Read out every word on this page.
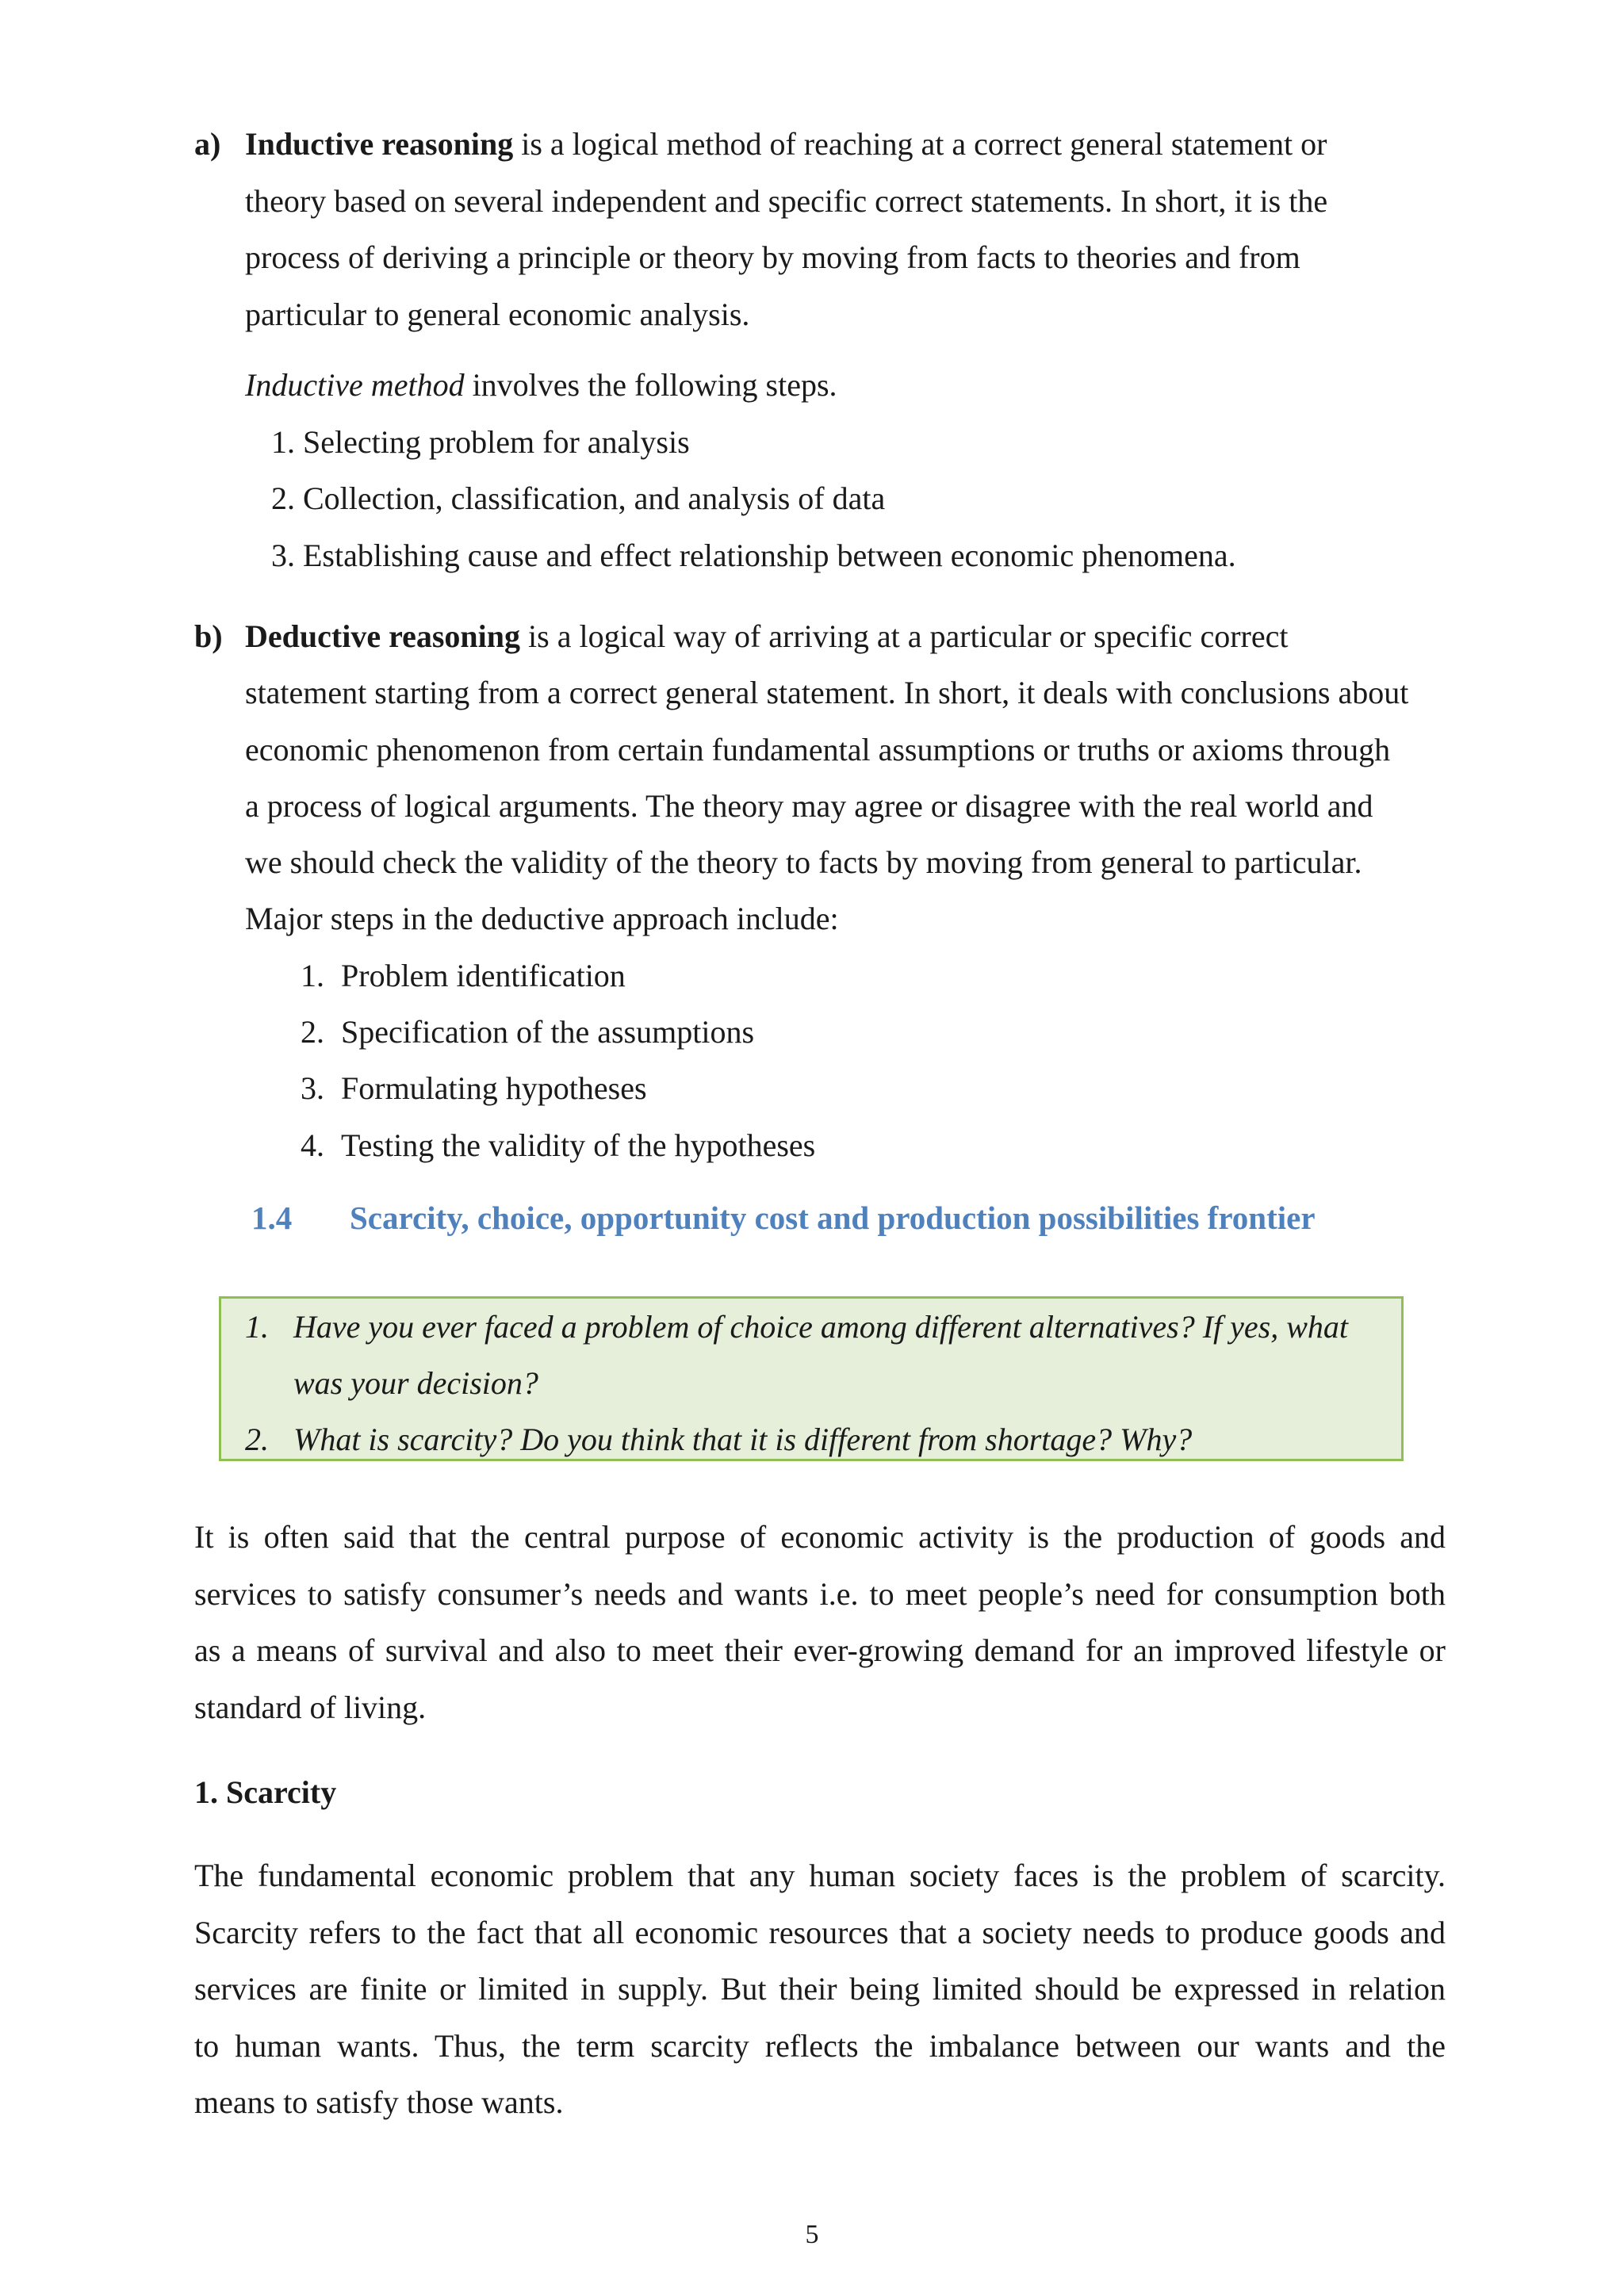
a) Inductive reasoning is a logical method of reaching at a correct general statement or
theory based on several independent and specific correct statements. In short, it is the
process of deriving a principle or theory by moving from facts to theories and from
particular to general economic analysis.
Inductive method involves the following steps.
1. Selecting problem for analysis
2. Collection, classification, and analysis of data
3. Establishing cause and effect relationship between economic phenomena.
b) Deductive reasoning is a logical way of arriving at a particular or specific correct
statement starting from a correct general statement. In short, it deals with conclusions about
economic phenomenon from certain fundamental assumptions or truths or axioms through
a process of logical arguments. The theory may agree or disagree with the real world and
we should check the validity of the theory to facts by moving from general to particular.
Major steps in the deductive approach include:
1. Problem identification
2. Specification of the assumptions
3. Formulating hypotheses
4. Testing the validity of the hypotheses
1.4 Scarcity, choice, opportunity cost and production possibilities frontier
1. Have you ever faced a problem of choice among different alternatives? If yes, what
was your decision?
2. What is scarcity? Do you think that it is different from shortage? Why?
It is often said that the central purpose of economic activity is the production of goods and
services to satisfy consumer’s needs and wants i.e. to meet people’s need for consumption both
as a means of survival and also to meet their ever-growing demand for an improved lifestyle or
standard of living.
1. Scarcity
The fundamental economic problem that any human society faces is the problem of scarcity.
Scarcity refers to the fact that all economic resources that a society needs to produce goods and
services are finite or limited in supply. But their being limited should be expressed in relation
to human wants. Thus, the term scarcity reflects the imbalance between our wants and the
means to satisfy those wants.
5
